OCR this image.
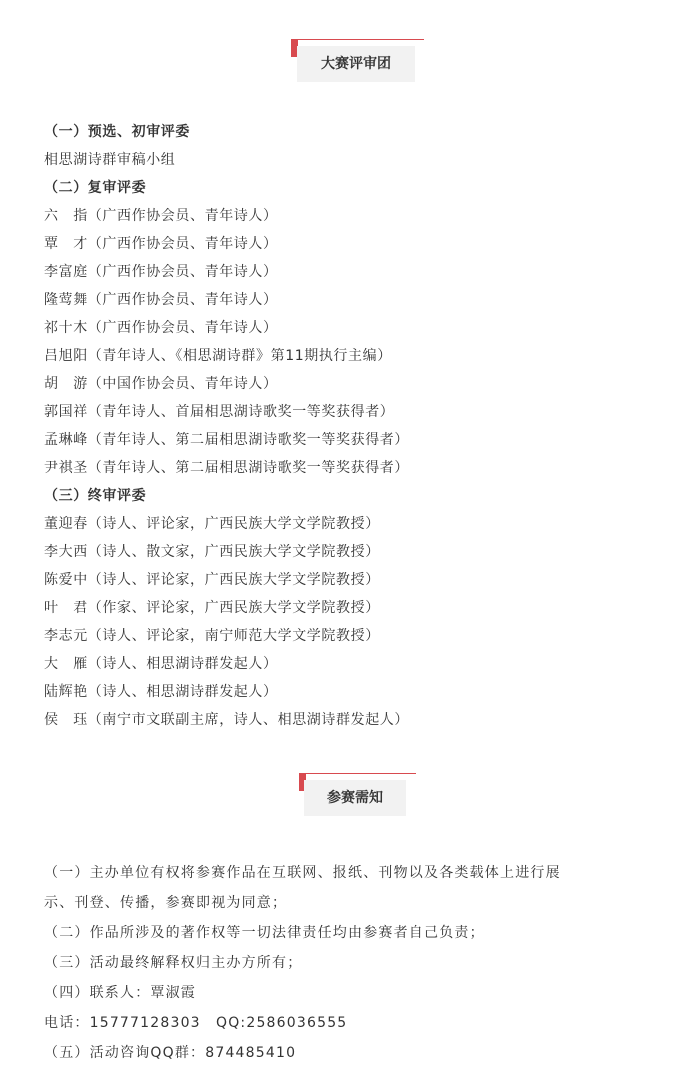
大赛评审团
（一）预选、初审评委
相思湖诗群审稿小组
（二）复审评委
六　指（广西作协会员、青年诗人）
覃　才（广西作协会员、青年诗人）
李富庭（广西作协会员、青年诗人）
隆莺舞（广西作协会员、青年诗人）
祁十木（广西作协会员、青年诗人）
吕旭阳（青年诗人、《相思湖诗群》第11期执行主编）
胡　游（中国作协会员、青年诗人）
郭国祥（青年诗人、首届相思湖诗歌奖一等奖获得者）
孟琳峰（青年诗人、第二届相思湖诗歌奖一等奖获得者）
尹祺圣（青年诗人、第二届相思湖诗歌奖一等奖获得者）
（三）终审评委
董迎春（诗人、评论家，广西民族大学文学院教授）
李大西（诗人、散文家，广西民族大学文学院教授）
陈爱中（诗人、评论家，广西民族大学文学院教授）
叶　君（作家、评论家，广西民族大学文学院教授）
李志元（诗人、评论家，南宁师范大学文学院教授）
大　雁（诗人、相思湖诗群发起人）
陆辉艳（诗人、相思湖诗群发起人）
侯　珏（南宁市文联副主席，诗人、相思湖诗群发起人）
参赛需知
（一）主办单位有权将参赛作品在互联网、报纸、刊物以及各类载体上进行展
示、刊登、传播，参赛即视为同意；
（二）作品所涉及的著作权等一切法律责任均由参赛者自己负责；
（三）活动最终解释权归主办方所有；
（四）联系人：覃淑霞
电话：15777128303　QQ:2586036555
（五）活动咨询QQ群：874485410
